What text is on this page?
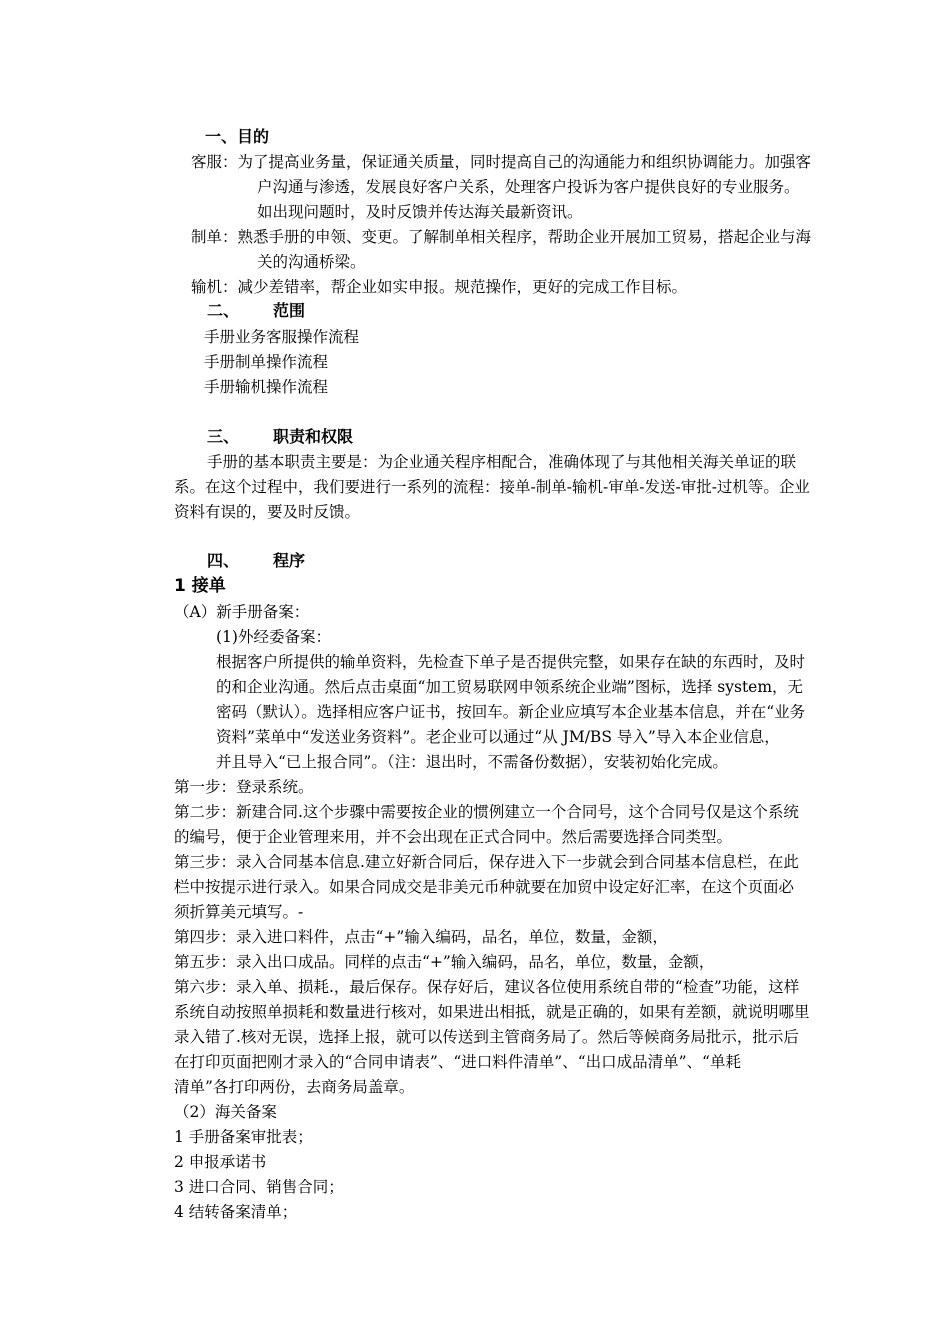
一、目的
客服：为了提高业务量，保证通关质量，同时提高自己的沟通能力和组织协调能力。加强客
户沟通与渗透，发展良好客户关系，处理客户投诉为客户提供良好的专业服务。
如出现问题时，及时反馈并传达海关最新资讯。
制单：熟悉手册的申领、变更。了解制单相关程序，帮助企业开展加工贸易，搭起企业与海
关的沟通桥梁。
输机：减少差错率，帮企业如实申报。规范操作，更好的完成工作目标。
二、 范围
手册业务客服操作流程
手册制单操作流程
手册输机操作流程
三、 职责和权限
手册的基本职责主要是：为企业通关程序相配合，准确体现了与其他相关海关单证的联
系。在这个过程中，我们要进行一系列的流程：接单-制单-输机-审单-发送-审批-过机等。企业
资料有误的，要及时反馈。
四、 程序
1 接单
（A）新手册备案：
(1)外经委备案：
根据客户所提供的输单资料，先检查下单子是否提供完整，如果存在缺的东西时，及时
的和企业沟通。然后点击桌面“加工贸易联网申领系统企业端”图标，选择 system，无
密码（默认）。选择相应客户证书，按回车。新企业应填写本企业基本信息，并在“业务
资料”菜单中“发送业务资料”。老企业可以通过“从 JM/BS 导入”导入本企业信息，
并且导入“已上报合同”。（注：退出时，不需备份数据），安装初始化完成。
第一步：登录系统。
第二步：新建合同.这个步骤中需要按企业的惯例建立一个合同号，这个合同号仅是这个系统
的编号，便于企业管理来用，并不会出现在正式合同中。然后需要选择合同类型。
第三步：录入合同基本信息.建立好新合同后，保存进入下一步就会到合同基本信息栏，在此
栏中按提示进行录入。如果合同成交是非美元币种就要在加贸中设定好汇率，在这个页面必
须折算美元填写。-
第四步：录入进口料件，点击“+”输入编码，品名，单位，数量，金额，
第五步：录入出口成品。同样的点击“+”输入编码，品名，单位，数量，金额，
第六步：录入单、损耗.，最后保存。保存好后，建议各位使用系统自带的“检查”功能，这样
系统自动按照单损耗和数量进行核对，如果进出相抵，就是正确的，如果有差额，就说明哪里
录入错了.核对无误，选择上报，就可以传送到主管商务局了。然后等候商务局批示，批示后
在打印页面把刚才录入的“合同申请表”、“进口料件清单”、“出口成品清单”、“单耗
清单”各打印两份，去商务局盖章。
（2）海关备案
1 手册备案审批表；
2 申报承诺书
3 进口合同、销售合同；
4 结转备案清单；
